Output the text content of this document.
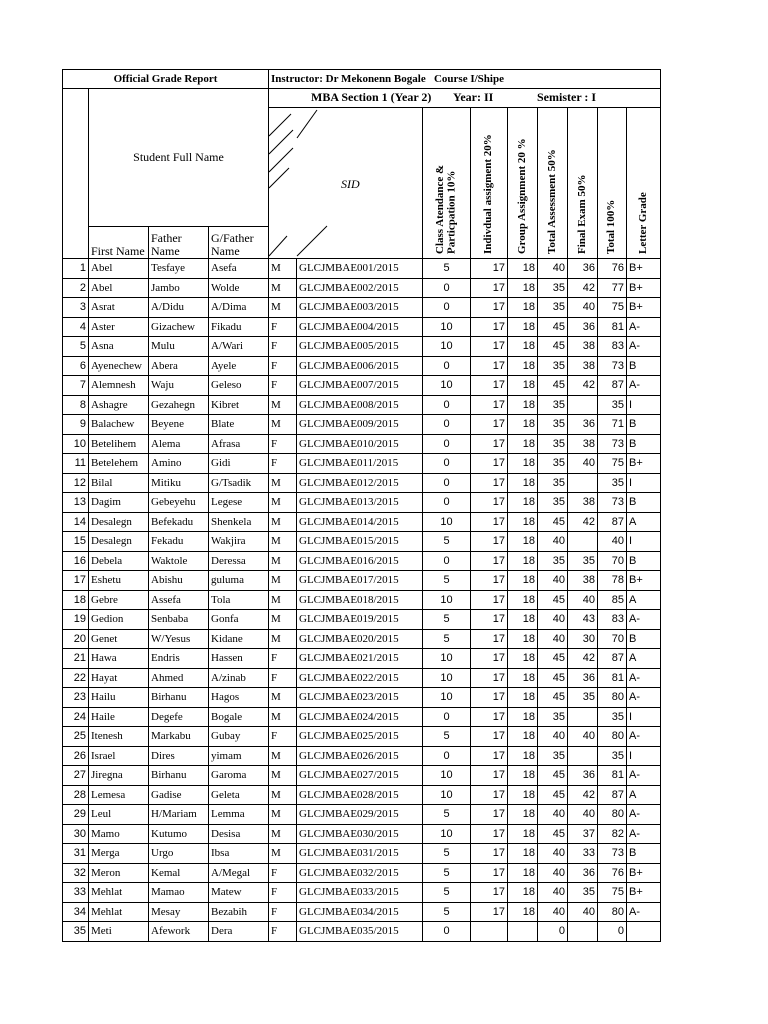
Official Grade Report				Instructor: Dr Mekonenn Bogale Course I/Shipe								
	Student Full Name			MBA Section 1 (Year 2) Year: II Semister : I								

				SID		Class Atendance & Particpation 10%	Indivdual assigment 20%	Group Assignment 20 %	Total Assessment 50%	Final Exam 50%	Total 100%	Letter Grade

	First Name	Father Name	G/Father Name									
1	Abel	Tesfaye	Asefa	M	GLCJMBAE001/2015	5	17	18	40	36	76	B+
2	Abel	Jambo	Wolde	M	GLCJMBAE002/2015	0	17	18	35	42	77	B+
3	Asrat	A/Didu	A/Dima	M	GLCJMBAE003/2015	0	17	18	35	40	75	B+
4	Aster	Gizachew	Fikadu	F	GLCJMBAE004/2015	10	17	18	45	36	81	A-
5	Asna	Mulu	A/Wari	F	GLCJMBAE005/2015	10	17	18	45	38	83	A-
6	Ayenechew	Abera	Ayele	F	GLCJMBAE006/2015	0	17	18	35	38	73	B
7	Alemnesh	Waju	Geleso	F	GLCJMBAE007/2015	10	17	18	45	42	87	A-
8	Ashagre	Gezahegn	Kibret	M	GLCJMBAE008/2015	0	17	18	35		35	I
9	Balachew	Beyene	Blate	M	GLCJMBAE009/2015	0	17	18	35	36	71	B
10	Betelihem	Alema	Afrasa	F	GLCJMBAE010/2015	0	17	18	35	38	73	B
11	Betelehem	Amino	Gidi	F	GLCJMBAE011/2015	0	17	18	35	40	75	B+
12	Bilal	Mitiku	G/Tsadik	M	GLCJMBAE012/2015	0	17	18	35		35	I
13	Dagim	Gebeyehu	Legese	M	GLCJMBAE013/2015	0	17	18	35	38	73	B
14	Desalegn	Befekadu	Shenkela	M	GLCJMBAE014/2015	10	17	18	45	42	87	A
15	Desalegn	Fekadu	Wakjira	M	GLCJMBAE015/2015	5	17	18	40		40	I
16	Debela	Waktole	Deressa	M	GLCJMBAE016/2015	0	17	18	35	35	70	B
17	Eshetu	Abishu	guluma	M	GLCJMBAE017/2015	5	17	18	40	38	78	B+
18	Gebre	Assefa	Tola	M	GLCJMBAE018/2015	10	17	18	45	40	85	A
19	Gedion	Senbaba	Gonfa	M	GLCJMBAE019/2015	5	17	18	40	43	83	A-
20	Genet	W/Yesus	Kidane	M	GLCJMBAE020/2015	5	17	18	40	30	70	B
21	Hawa	Endris	Hassen	F	GLCJMBAE021/2015	10	17	18	45	42	87	A
22	Hayat	Ahmed	A/zinab	F	GLCJMBAE022/2015	10	17	18	45	36	81	A-
23	Hailu	Birhanu	Hagos	M	GLCJMBAE023/2015	10	17	18	45	35	80	A-
24	Haile	Degefe	Bogale	M	GLCJMBAE024/2015	0	17	18	35		35	I
25	Itenesh	Markabu	Gubay	F	GLCJMBAE025/2015	5	17	18	40	40	80	A-
26	Israel	Dires	yimam	M	GLCJMBAE026/2015	0	17	18	35		35	I
27	Jiregna	Birhanu	Garoma	M	GLCJMBAE027/2015	10	17	18	45	36	81	A-
28	Lemesa	Gadise	Geleta	M	GLCJMBAE028/2015	10	17	18	45	42	87	A
29	Leul	H/Mariam	Lemma	M	GLCJMBAE029/2015	5	17	18	40	40	80	A-
30	Mamo	Kutumo	Desisa	M	GLCJMBAE030/2015	10	17	18	45	37	82	A-
31	Merga	Urgo	Ibsa	M	GLCJMBAE031/2015	5	17	18	40	33	73	B
32	Meron	Kemal	A/Megal	F	GLCJMBAE032/2015	5	17	18	40	36	76	B+
33	Mehlat	Mamao	Matew	F	GLCJMBAE033/2015	5	17	18	40	35	75	B+
34	Mehlat	Mesay	Bezabih	F	GLCJMBAE034/2015	5	17	18	40	40	80	A-
35	Meti	Afework	Dera	F	GLCJMBAE035/2015	0			0		0	
